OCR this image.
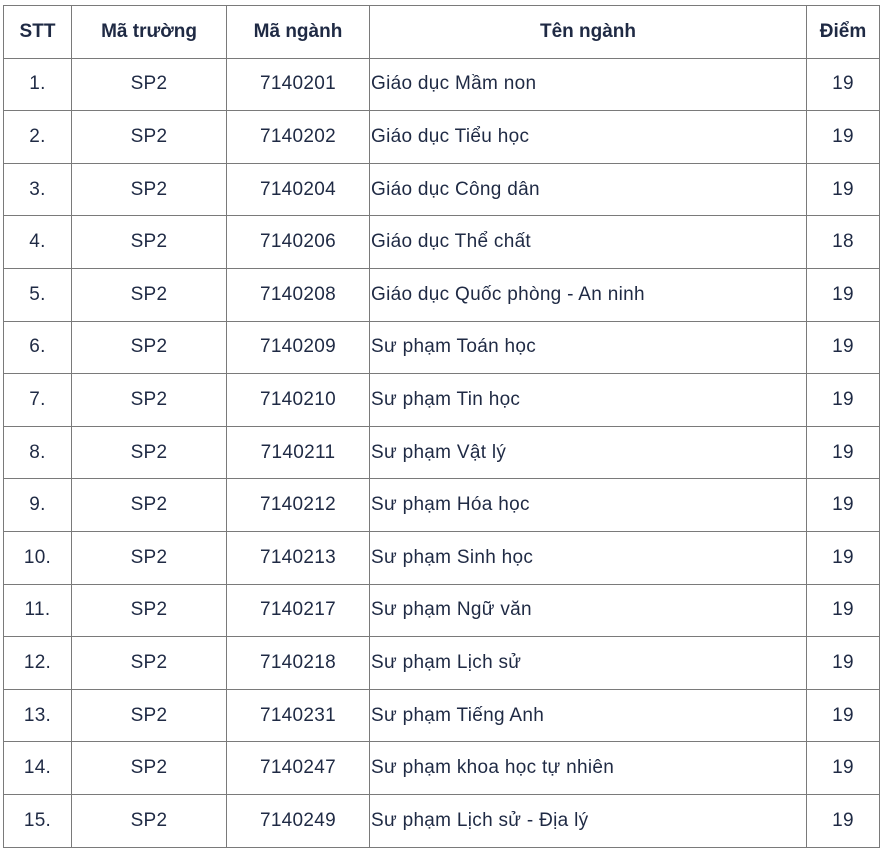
STT	Mã trường	Mã ngành	Tên ngành	Điểm
1.	SP2	7140201	Giáo dục Mầm non	19
2.	SP2	7140202	Giáo dục Tiểu học	19
3.	SP2	7140204	Giáo dục Công dân	19
4.	SP2	7140206	Giáo dục Thể chất	18
5.	SP2	7140208	Giáo dục Quốc phòng - An ninh	19
6.	SP2	7140209	Sư phạm Toán học	19
7.	SP2	7140210	Sư phạm Tin học	19
8.	SP2	7140211	Sư phạm Vật lý	19
9.	SP2	7140212	Sư phạm Hóa học	19
10.	SP2	7140213	Sư phạm Sinh học	19
11.	SP2	7140217	Sư phạm Ngữ văn	19
12.	SP2	7140218	Sư phạm Lịch sử	19
13.	SP2	7140231	Sư phạm Tiếng Anh	19
14.	SP2	7140247	Sư phạm khoa học tự nhiên	19
15.	SP2	7140249	Sư phạm Lịch sử - Địa lý	19
